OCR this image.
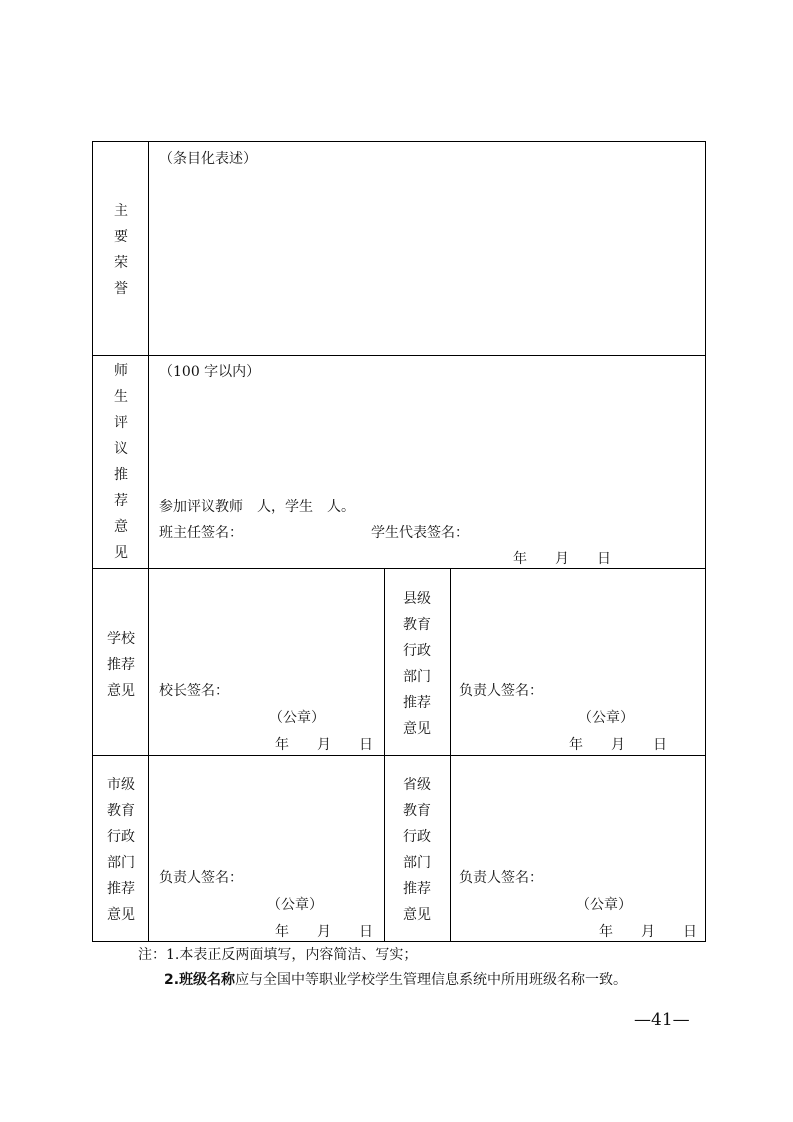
主
要
荣
誉
（条目化表述）
师
生
评
议
推
荐
意
见
（100 字以内）
参加评议教师　人，学生　人。
班主任签名：	学生代表签名：
年　　月　　日
学校
推荐
意见	校长签名：
（公章）
年　　月　　日
县级
教育
行政
部门
推荐
意见
负责人签名：
（公章）
年　　月　　日
市级
教育
行政
部门
推荐
意见
负责人签名：
（公章）
年　　月　　日
省级
教育
行政
部门
推荐
意见
负责人签名：
（公章）
年　　月　　日
注：1.本表正反两面填写，内容简洁、写实；
2.班级名称应与全国中等职业学校学生管理信息系统中所用班级名称一致。
—41—
